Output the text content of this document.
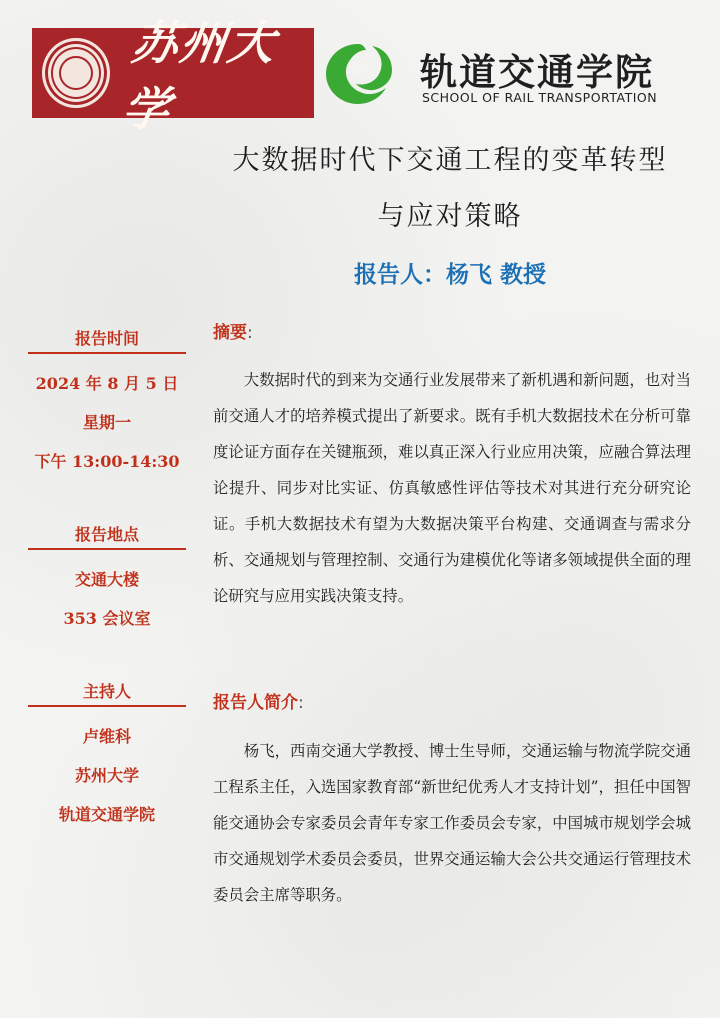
苏州大学
轨道交通学院
SCHOOL OF RAIL TRANSPORTATION
大数据时代下交通工程的变革转型
与应对策略
报告人：杨飞 教授
报告时间
2024 年 8 月 5 日
星期一
下午 13:00-14:30
报告地点
交通大楼
353 会议室
主持人
卢维科
苏州大学
轨道交通学院
摘要:
大数据时代的到来为交通行业发展带来了新机遇和新问题，也对当前交通人才的培养模式提出了新要求。既有手机大数据技术在分析可靠度论证方面存在关键瓶颈，难以真正深入行业应用决策，应融合算法理论提升、同步对比实证、仿真敏感性评估等技术对其进行充分研究论证。手机大数据技术有望为大数据决策平台构建、交通调查与需求分析、交通规划与管理控制、交通行为建模优化等诸多领域提供全面的理论研究与应用实践决策支持。
报告人简介:
杨飞，西南交通大学教授、博士生导师，交通运输与物流学院交通工程系主任，入选国家教育部“新世纪优秀人才支持计划”，担任中国智能交通协会专家委员会青年专家工作委员会专家，中国城市规划学会城市交通规划学术委员会委员，世界交通运输大会公共交通运行管理技术委员会主席等职务。
